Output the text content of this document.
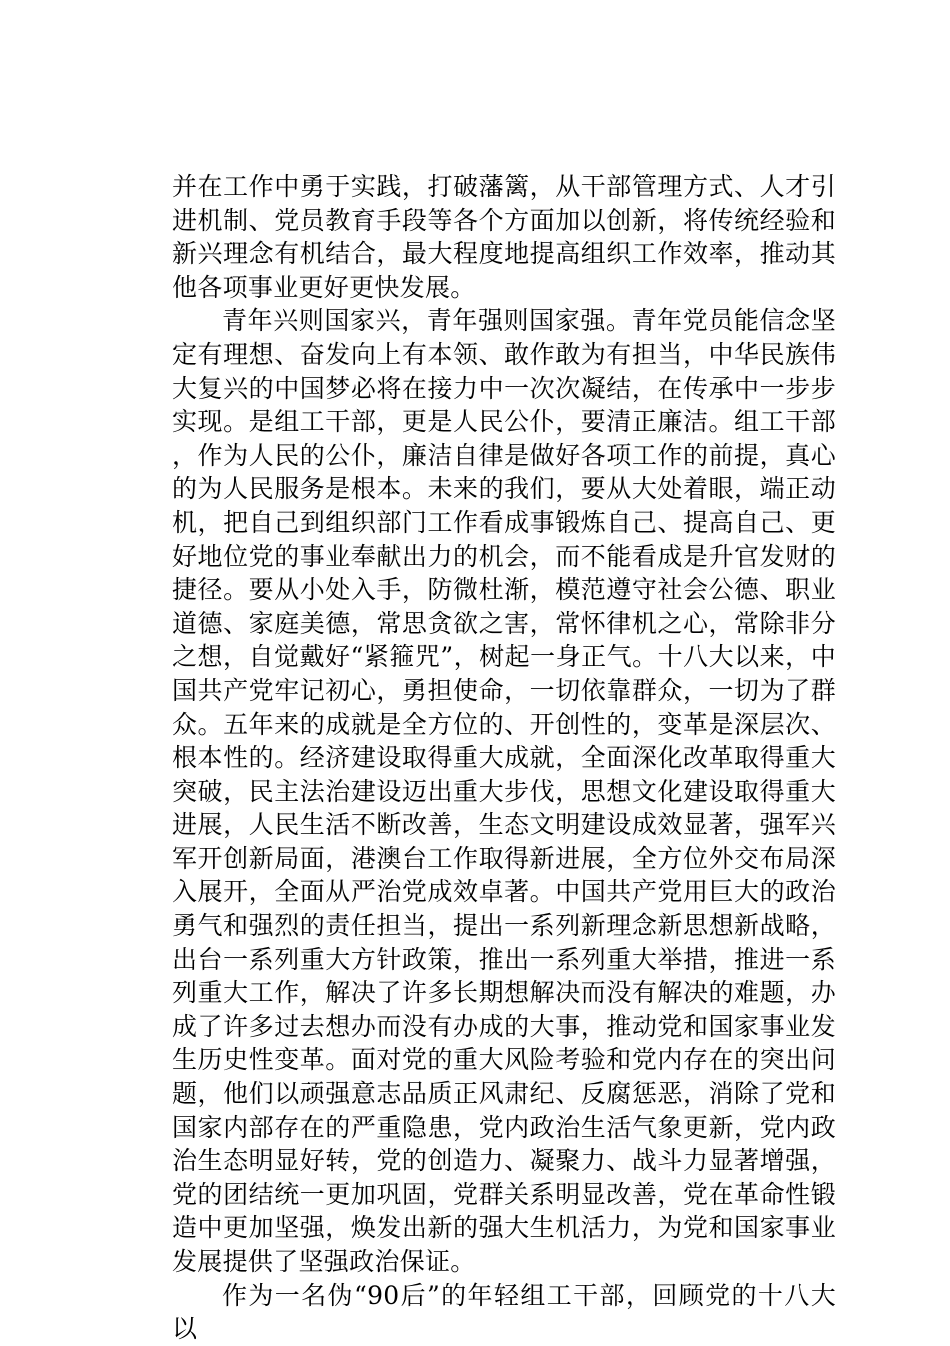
并在工作中勇于实践，打破藩篱，从干部管理方式、人才引进机制、党员教育手段等各个方面加以创新，将传统经验和新兴理念有机结合，最大程度地提高组织工作效率，推动其他各项事业更好更快发展。

青年兴则国家兴，青年强则国家强。青年党员能信念坚定有理想、奋发向上有本领、敢作敢为有担当，中华民族伟大复兴的中国梦必将在接力中一次次凝结，在传承中一步步实现。是组工干部，更是人民公仆，要清正廉洁。组工干部，作为人民的公仆，廉洁自律是做好各项工作的前提，真心的为人民服务是根本。未来的我们，要从大处着眼，端正动机，把自己到组织部门工作看成事锻炼自己、提高自己、更好地位党的事业奉献出力的机会，而不能看成是升官发财的捷径。要从小处入手，防微杜渐，模范遵守社会公德、职业道德、家庭美德，常思贪欲之害，常怀律机之心，常除非分之想，自觉戴好“紧箍咒”，树起一身正气。十八大以来，中国共产党牢记初心，勇担使命，一切依靠群众，一切为了群众。五年来的成就是全方位的、开创性的，变革是深层次、根本性的。经济建设取得重大成就，全面深化改革取得重大突破，民主法治建设迈出重大步伐，思想文化建设取得重大进展，人民生活不断改善，生态文明建设成效显著，强军兴军开创新局面，港澳台工作取得新进展，全方位外交布局深入展开，全面从严治党成效卓著。中国共产党用巨大的政治勇气和强烈的责任担当，提出一系列新理念新思想新战略，出台一系列重大方针政策，推出一系列重大举措，推进一系列重大工作，解决了许多长期想解决而没有解决的难题，办成了许多过去想办而没有办成的大事，推动党和国家事业发生历史性变革。面对党的重大风险考验和党内存在的突出问题，他们以顽强意志品质正风肃纪、反腐惩恶，消除了党和国家内部存在的严重隐患，党内政治生活气象更新，党内政治生态明显好转，党的创造力、凝聚力、战斗力显著增强，党的团结统一更加巩固，党群关系明显改善，党在革命性锻造中更加坚强，焕发出新的强大生机活力，为党和国家事业发展提供了坚强政治保证。

作为一名伪“90后”的年轻组工干部，回顾党的十八大以
